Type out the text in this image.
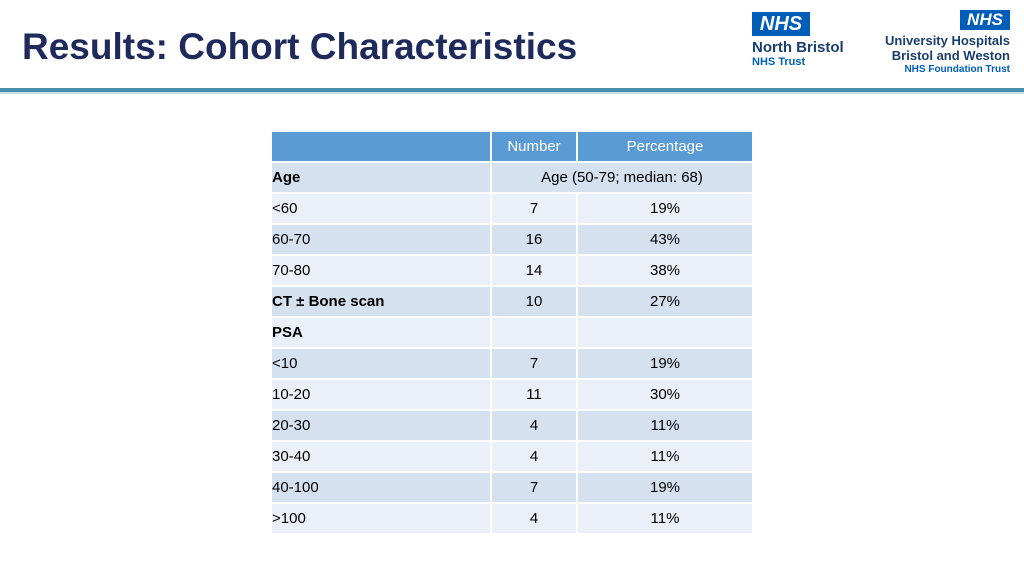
Results: Cohort Characteristics
NHS
North Bristol
NHS Trust
NHS
University Hospitals
Bristol and Weston
NHS Foundation Trust
	Number	Percentage
Age	Age (50-79; median: 68)	
<60	7	19%
60-70	16	43%
70-80	14	38%
CT ± Bone scan	10	27%
PSA		
<10	7	19%
10-20	11	30%
20-30	4	11%
30-40	4	11%
40-100	7	19%
>100	4	11%
